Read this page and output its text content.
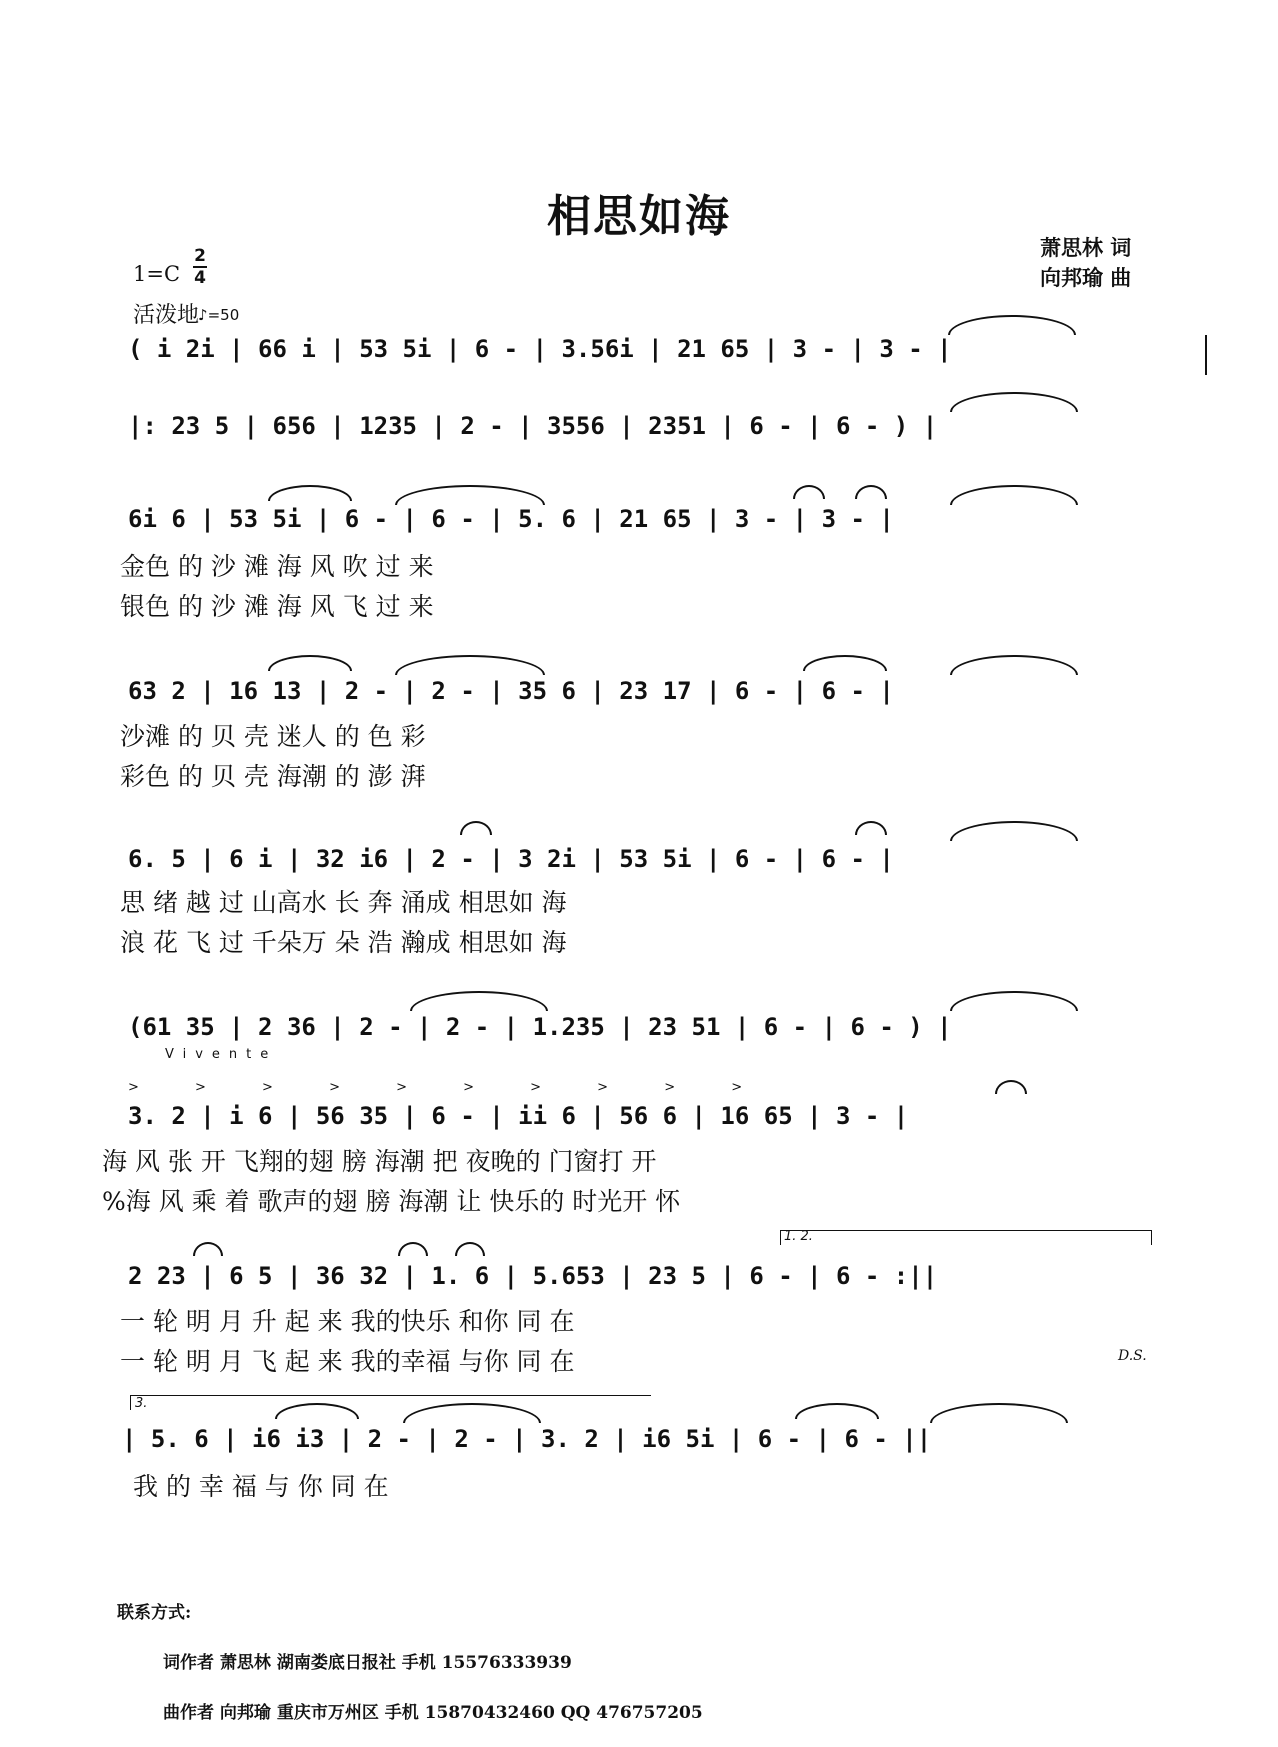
相思如海
萧思林 词
向邦瑜 曲
1=C
2
4
活泼地
♪=50
( i 2i | 66 i | 53 5i | 6 - | 3.56i | 21 65 | 3 - | 3 - |
|: 23 5 | 656 | 1235 | 2 - | 3556 | 2351 | 6 - | 6 - ) |
6i 6 | 53 5i | 6 - | 6 - | 5. 6 | 21 65 | 3 - | 3 - |
金色 的 沙 滩 海 风 吹 过 来
银色 的 沙 滩 海 风 飞 过 来
63 2 | 16 13 | 2 - | 2 - | 35 6 | 23 17 | 6 - | 6 - |
沙滩 的 贝 壳 迷人 的 色 彩
彩色 的 贝 壳 海潮 的 澎 湃
6. 5 | 6 i | 32 i6 | 2 - | 3 2i | 53 5i | 6 - | 6 - |
思 绪 越 过 山高水 长 奔 涌成 相思如 海
浪 花 飞 过 千朵万 朵 浩 瀚成 相思如 海
(61 35 | 2 36 | 2 - | 2 - | 1.235 | 23 51 | 6 - | 6 - ) |
Vivente
> > > > > > > > > >
3. 2 | i 6 | 56 35 | 6 - | ii 6 | 56 6 | 16 65 | 3 - |
海 风 张 开 飞翔的翅 膀 海潮 把 夜晚的 门窗打 开
%海 风 乘 着 歌声的翅 膀 海潮 让 快乐的 时光开 怀
1. 2.
2 23 | 6 5 | 36 32 | 1. 6 | 5.653 | 23 5 | 6 - | 6 - :||
一 轮 明 月 升 起 来 我的快乐 和你 同 在
一 轮 明 月 飞 起 来 我的幸福 与你 同 在	D.S.
3.
| 5. 6 | i6 i3 | 2 - | 2 - | 3. 2 | i6 5i | 6 - | 6 - ||
我 的 幸 福 与 你 同 在
联系方式:
词作者 萧思林 湖南娄底日报社 手机 15576333939
曲作者 向邦瑜 重庆市万州区 手机 15870432460 QQ 476757205
